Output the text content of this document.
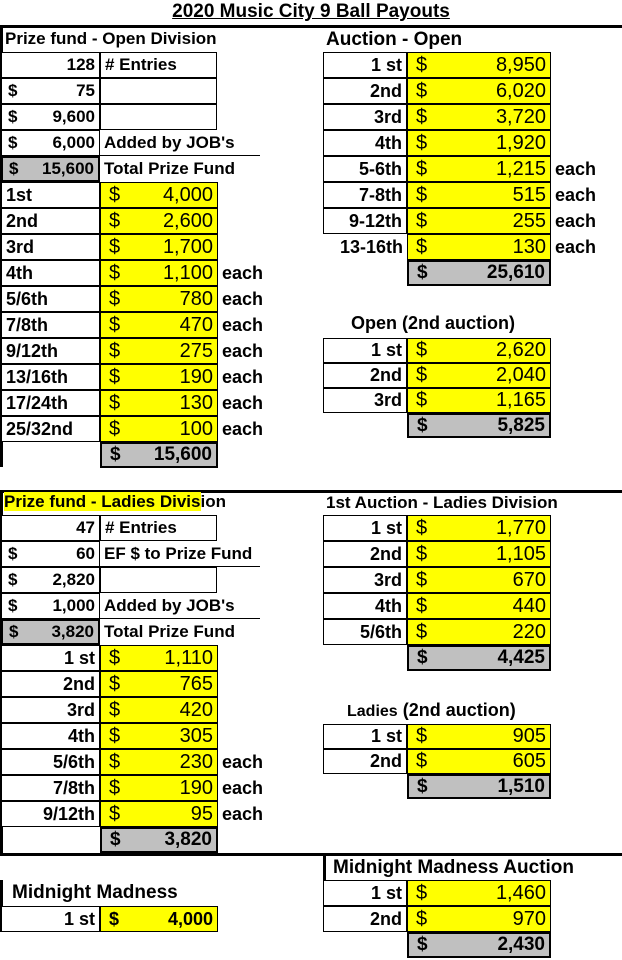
2020 Music City 9 Ball Payouts
Prize fund - Open Division
128 # Entries
$	75
$ 9,600
$ 6,000 Added by JOB's
$ 15,600 Total Prize Fund
1st	$ 4,000
2nd	$ 2,600
3rd	$ 1,700
4th	$ 1,100 each
5/6th	$	780 each
7/8th	$	470 each
9/12th	$	275 each
13/16th	$	190 each
17/24th	$	130 each
25/32nd	$	100 each
$ 15,600
Auction - Open
1 st $	8,950
2nd $	6,020
3rd $	3,720
4th $	1,920
5-6th $	1,215 each
7-8th $	515 each
9-12th $	255 each
13-16th $	130 each
$	25,610
Open (2nd auction)
1 st $	2,620
2nd $	2,040
3rd $	1,165
$	5,825
Prize fund - Ladies Division
47 # Entries
$	60 EF $ to Prize Fund
$ 2,820
$ 1,000 Added by JOB's
$ 3,820 Total Prize Fund
1 st $ 1,110
2nd $	765
3rd $	420
4th $	305
5/6th $	230 each
7/8th $	190 each
9/12th $	95 each
$ 3,820
1st Auction - Ladies Division
1 st $	1,770
2nd $	1,105
3rd $	670
4th $	440
5/6th $	220
$	4,425
Ladies (2nd auction)
1 st $	905
2nd $	605
$	1,510
Midnight Madness
1 st $	4,000
Midnight Madness Auction
1 st $	1,460
2nd $	970
$	2,430
